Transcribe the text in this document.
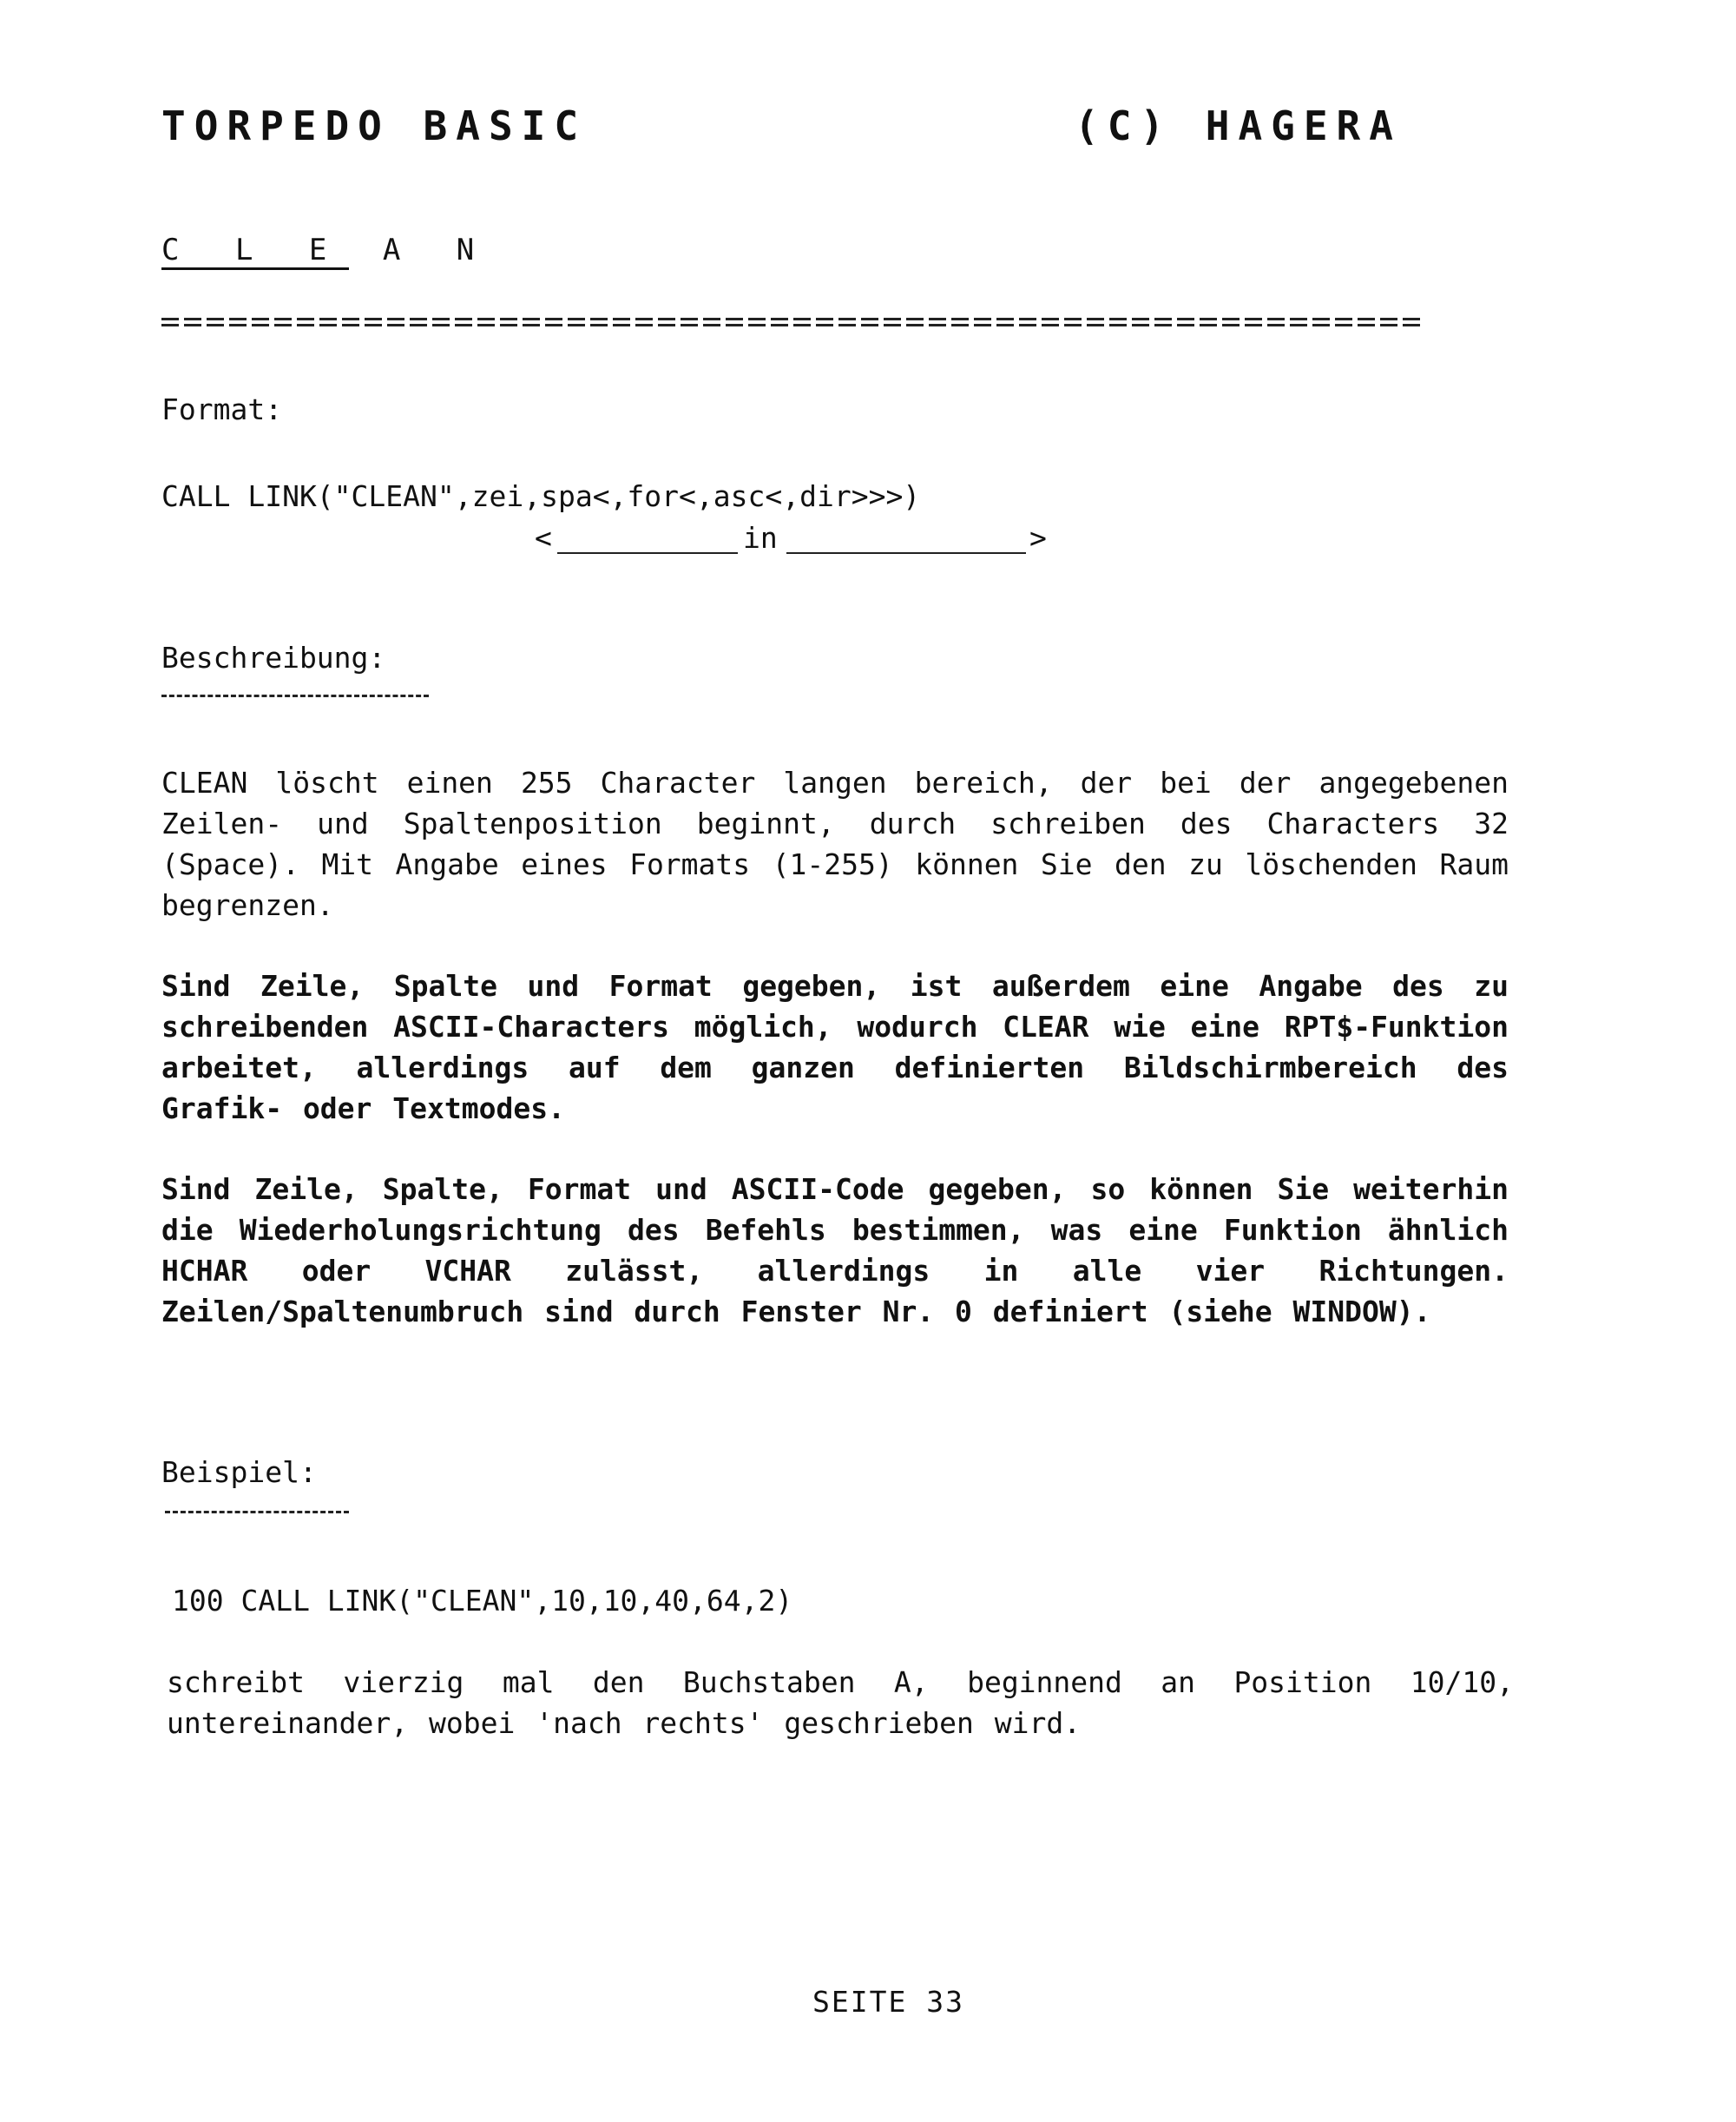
TORPEDO BASIC	(C) HAGERA
C L E A N
Format:
CALL LINK("CLEAN",zei,spa<,for<,asc<,dir>>>)
<	in	>
Beschreibung:
CLEAN löscht einen 255 Character langen bereich, der bei der angegebenen Zeilen- und Spaltenposition beginnt, durch schreiben des Characters 32 (Space). Mit Angabe eines Formats (1-255) können Sie den zu löschenden Raum begrenzen.
Sind Zeile, Spalte und Format gegeben, ist außerdem eine Angabe des zu schreibenden ASCII-Characters möglich, wodurch CLEAR wie eine RPT$-Funktion arbeitet, allerdings auf dem ganzen definierten Bildschirmbereich des Grafik- oder Textmodes.
Sind Zeile, Spalte, Format und ASCII-Code gegeben, so können Sie weiterhin die Wiederholungsrichtung des Befehls bestimmen, was eine Funktion ähnlich HCHAR oder VCHAR zulässt, allerdings in alle vier Richtungen. Zeilen/Spaltenumbruch sind durch Fenster Nr. 0 definiert (siehe WINDOW).
Beispiel:
100 CALL LINK("CLEAN",10,10,40,64,2)
schreibt vierzig mal den Buchstaben A, beginnend an Position 10/10, untereinander, wobei 'nach rechts' geschrieben wird.
SEITE 33
